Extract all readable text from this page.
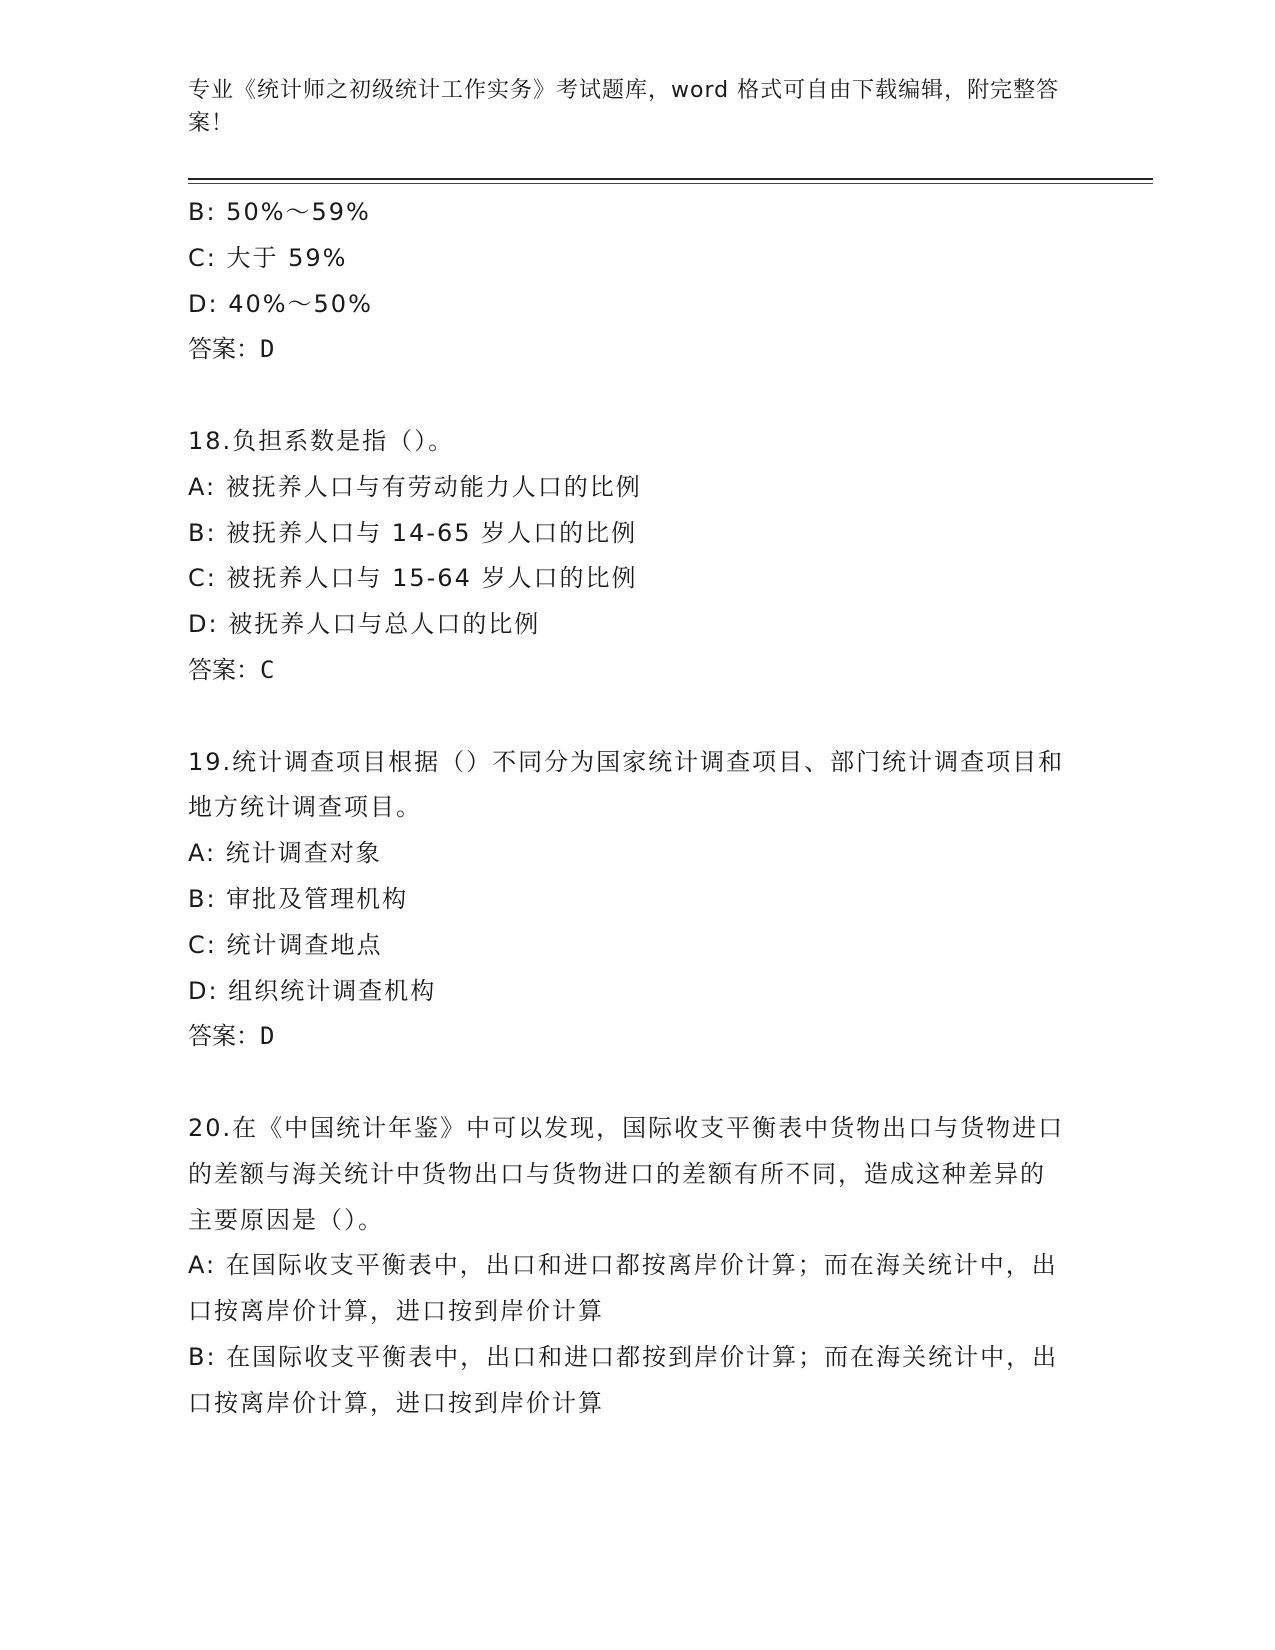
专业《统计师之初级统计工作实务》考试题库，word 格式可自由下载编辑，附完整答案！
B: 50%～59%
C: 大于 59%
D: 40%～50%
答案：D
18.负担系数是指（）。
A: 被抚养人口与有劳动能力人口的比例
B: 被抚养人口与 14-65 岁人口的比例
C: 被抚养人口与 15-64 岁人口的比例
D: 被抚养人口与总人口的比例
答案：C
19.统计调查项目根据（）不同分为国家统计调查项目、部门统计调查项目和地方统计调查项目。
A: 统计调查对象
B: 审批及管理机构
C: 统计调查地点
D: 组织统计调查机构
答案：D
20.在《中国统计年鉴》中可以发现，国际收支平衡表中货物出口与货物进口的差额与海关统计中货物出口与货物进口的差额有所不同，造成这种差异的主要原因是（）。
A: 在国际收支平衡表中，出口和进口都按离岸价计算；而在海关统计中，出口按离岸价计算，进口按到岸价计算
B: 在国际收支平衡表中，出口和进口都按到岸价计算；而在海关统计中，出口按离岸价计算，进口按到岸价计算
